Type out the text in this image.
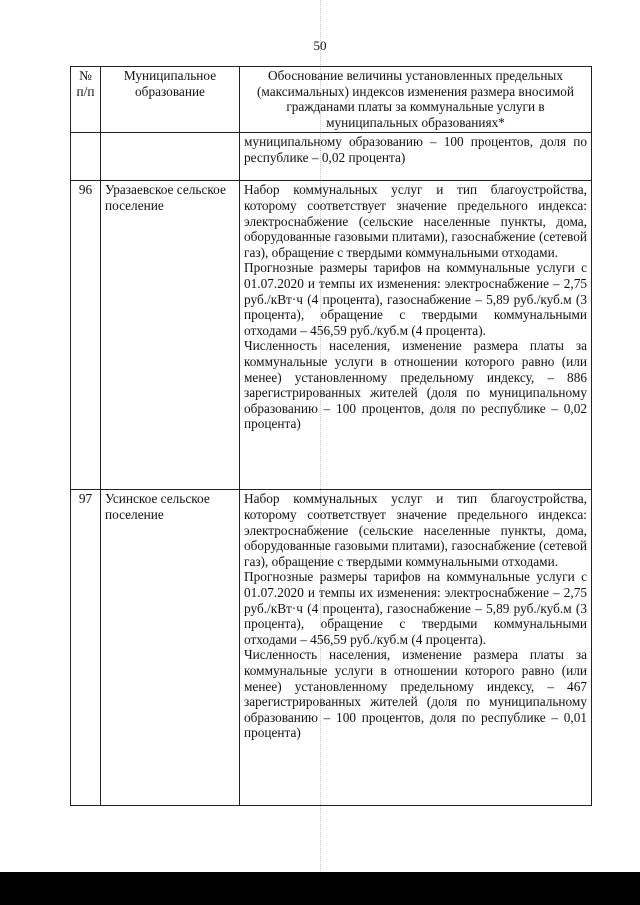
50
№ п/п	Муниципальное образование	Обоснование величины установленных предельных (максимальных) индексов изменения размера вносимой гражданами платы за коммунальные услуги в муниципальных образованиях*
		муниципальному образованию – 100 процентов, доля по республике – 0,02 процента)
96	Уразаевское сельское поселение	Набор коммунальных услуг и тип благоустройства, которому соответствует значение предельного индекса: электроснабжение (сельские населенные пункты, дома, оборудованные газовыми плитами), газоснабжение (сетевой газ), обращение с твердыми коммунальными отходами.

Прогнозные размеры тарифов на коммунальные услуги с 01.07.2020 и темпы их изменения: электроснабжение – 2,75 руб./кВт·ч (4 процента), газоснабжение – 5,89 руб./куб.м (3 процента), обращение с твердыми коммунальными отходами – 456,59 руб./куб.м (4 процента).

Численность населения, изменение размера платы за коммунальные услуги в отношении которого равно (или менее) установленному предельному индексу, – 886 зарегистрированных жителей (доля по муниципальному образованию – 100 процентов, доля по республике – 0,02 процента)

97	Усинское сельское поселение	Набор коммунальных услуг и тип благоустройства, которому соответствует значение предельного индекса: электроснабжение (сельские населенные пункты, дома, оборудованные газовыми плитами), газоснабжение (сетевой газ), обращение с твердыми коммунальными отходами.

Прогнозные размеры тарифов на коммунальные услуги с 01.07.2020 и темпы их изменения: электроснабжение – 2,75 руб./кВт·ч (4 процента), газоснабжение – 5,89 руб./куб.м (3 процента), обращение с твердыми коммунальными отходами – 456,59 руб./куб.м (4 процента).

Численность населения, изменение размера платы за коммунальные услуги в отношении которого равно (или менее) установленному предельному индексу, – 467 зарегистрированных жителей (доля по муниципальному образованию – 100 процентов, доля по республике – 0,01 процента)
